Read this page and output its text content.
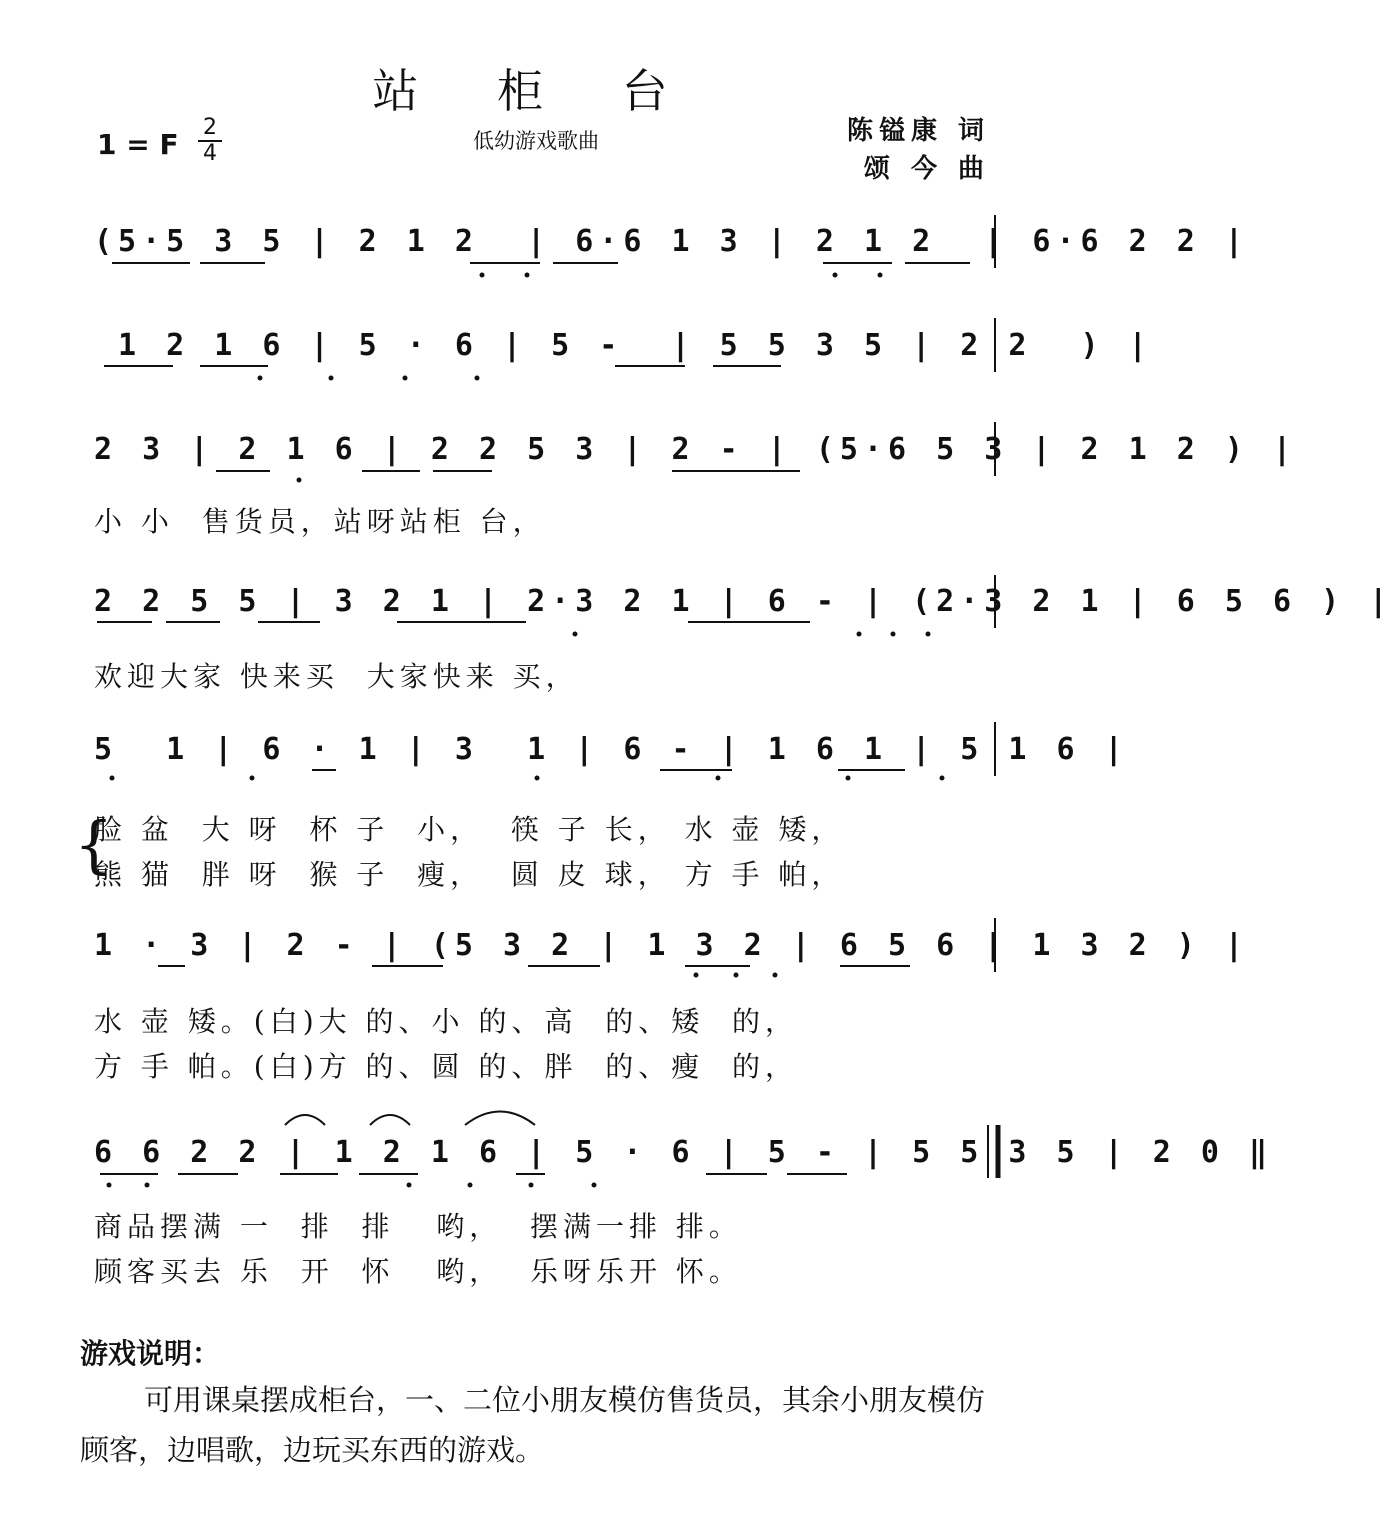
站 柜 台
低幼游戏歌曲	陈镒康 词
颂 今 曲
1 = F
2
4
(5·5 3 5 | 2 1 2  | 6·6 1 3 | 2 1 2  | 6·6 2 2 |
1 2 1 6 | 5 · 6 | 5 -  | 5 5 3 5 | 2 2  ) |
2 3 | 2 1 6 | 2 2 5 3 | 2 - | (5·6 5 3 | 2 1 2 ) |
小 小  售货员，站呀站柜 台，
2 2 5 5 | 3 2 1 | 2·3 2 1 | 6 - | (2·3 2 1 | 6 5 6 ) |
欢迎大家 快来买  大家快来 买，
5  1 | 6 · 1 | 3  1 | 6 - | 1 6 1 | 5 1 6 |
{
脸 盆  大 呀  杯 子  小，  筷 子 长， 水 壶 矮，
熊 猫  胖 呀  猴 子  瘦，  圆 皮 球， 方 手 帕，
1 · 3 | 2 - | (5 3 2 | 1 3 2 | 6 5 6 | 1 3 2 ) |
水 壶 矮。(白)大 的、小 的、高  的、矮  的，
方 手 帕。(白)方 的、圆 的、胖  的、瘦  的，
6 6 2 2 | 1 2 1 6 | 5 · 6 | 5 - | 5 5 3 5 | 2 0 ‖
商品摆满 一  排  排   哟，  摆满一排 排。
顾客买去 乐  开  怀   哟，  乐呀乐开 怀。
游戏说明：
可用课桌摆成柜台，一、二位小朋友模仿售货员，其余小朋友模仿顾客，边唱歌，边玩买东西的游戏。
